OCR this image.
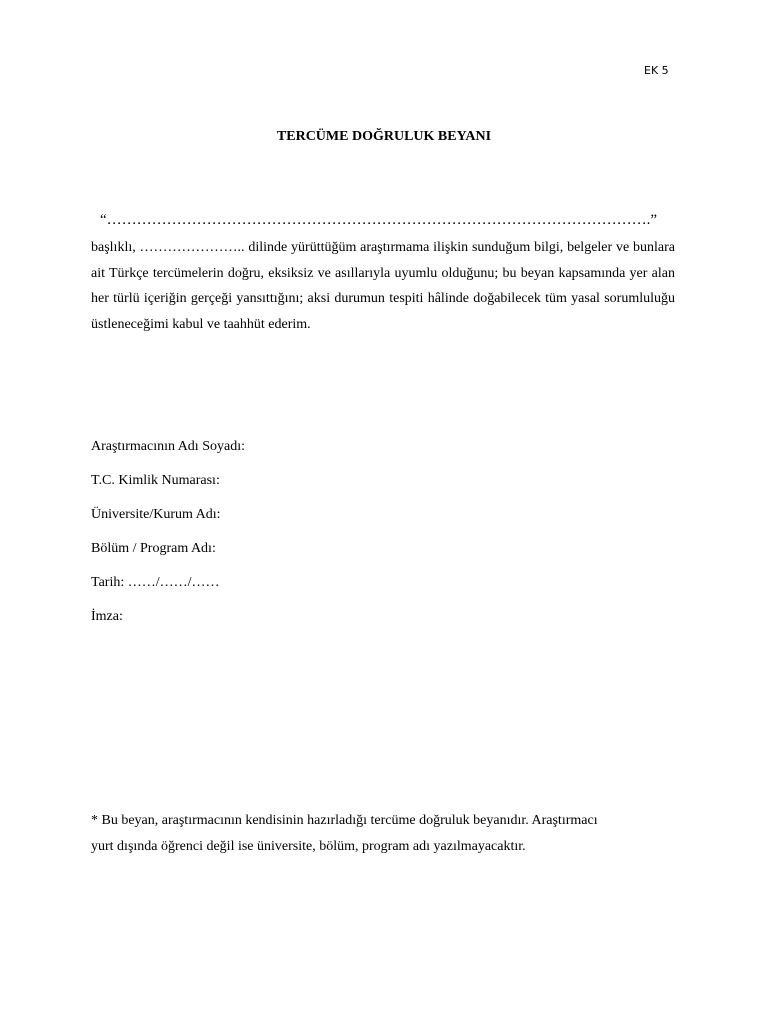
EK 5
TERCÜME DOĞRULUK BEYANI
“……………………………………………………………………………………………….”
başlıklı, ………………….. dilinde yürüttüğüm araştırmama ilişkin sunduğum bilgi, belgeler ve bunlara ait Türkçe tercümelerin doğru, eksiksiz ve asıllarıyla uyumlu olduğunu; bu beyan kapsamında yer alan her türlü içeriğin gerçeği yansıttığını; aksi durumun tespiti hâlinde doğabilecek tüm yasal sorumluluğu üstleneceğimi kabul ve taahhüt ederim.
Araştırmacının Adı Soyadı:
T.C. Kimlik Numarası:
Üniversite/Kurum Adı:
Bölüm / Program Adı:
Tarih: ……/……/……
İmza:
* Bu beyan, araştırmacının kendisinin hazırladığı tercüme doğruluk beyanıdır. Araştırmacı
yurt dışında öğrenci değil ise üniversite, bölüm, program adı yazılmayacaktır.
